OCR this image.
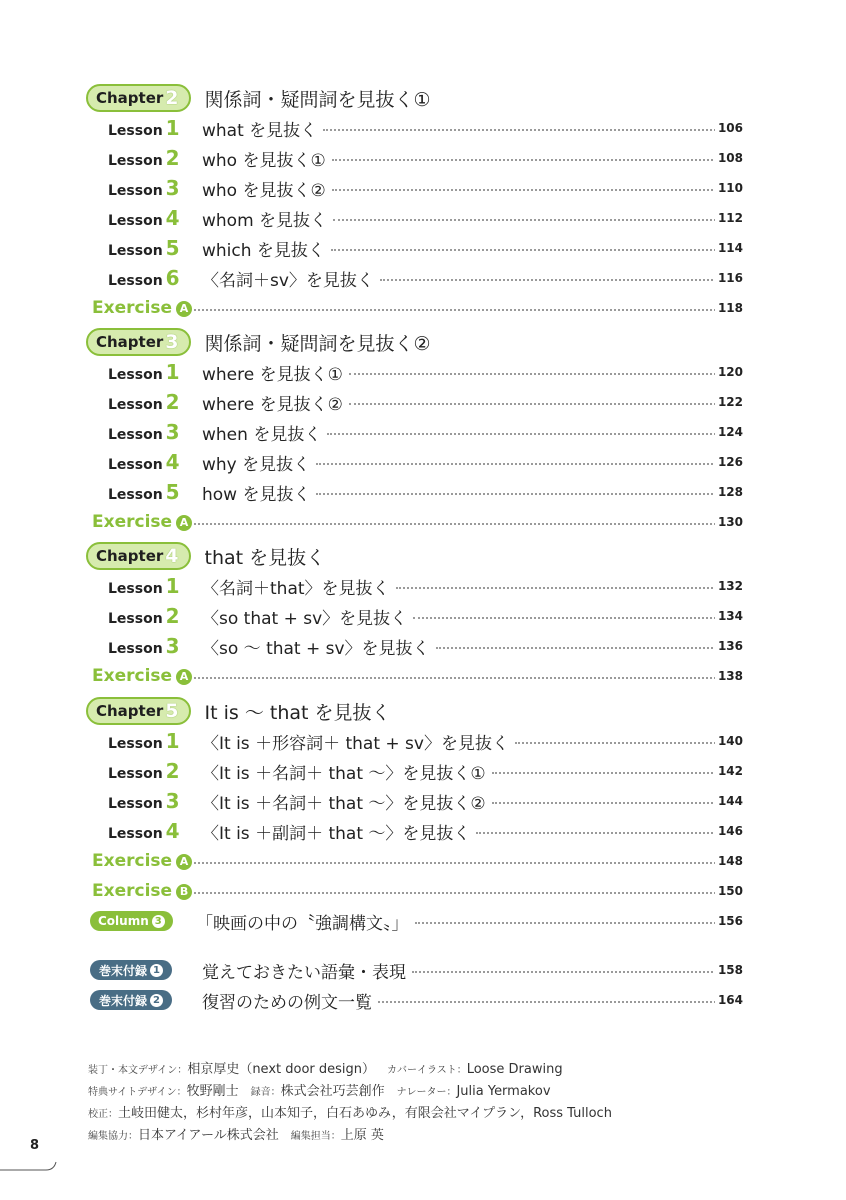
Chapter 2 関係詞・疑問詞を見抜く①
Lesson 1 what を見抜く	106
Lesson 2 who を見抜く①	108
Lesson 3 who を見抜く②	110
Lesson 4 whom を見抜く	112
Lesson 5 which を見抜く	114
Lesson 6 〈名詞＋sv〉を見抜く	116
Exercise A	118
Chapter 3 関係詞・疑問詞を見抜く②
Lesson 1 where を見抜く①	120
Lesson 2 where を見抜く②	122
Lesson 3 when を見抜く	124
Lesson 4 why を見抜く	126
Lesson 5 how を見抜く	128
Exercise A	130
Chapter 4 that を見抜く
Lesson 1 〈名詞＋that〉を見抜く	132
Lesson 2 〈so that + sv〉を見抜く	134
Lesson 3 〈so ～ that + sv〉を見抜く	136
Exercise A	138
Chapter 5 It is ～ that を見抜く
Lesson 1 〈It is ＋形容詞＋ that + sv〉を見抜く	140
Lesson 2 〈It is ＋名詞＋ that ～〉を見抜く①	142
Lesson 3 〈It is ＋名詞＋ that ～〉を見抜く②	144
Lesson 4 〈It is ＋副詞＋ that ～〉を見抜く	146
Exercise A	148
Exercise B	150
Column 3 「映画の中の〝強調構文〟」	156
巻末付録 1 覚えておきたい語彙・表現	158
巻末付録 2 復習のための例文一覧	164
装丁・本文デザイン：相京厚史（next door design） カバーイラスト：Loose Drawing
特典サイトデザイン：牧野剛士 録音：株式会社巧芸創作 ナレーター：Julia Yermakov
校正：土岐田健太，杉村年彦，山本知子，白石あゆみ，有限会社マイプラン，Ross Tulloch
編集協力：日本アイアール株式会社 編集担当：上原 英
8
